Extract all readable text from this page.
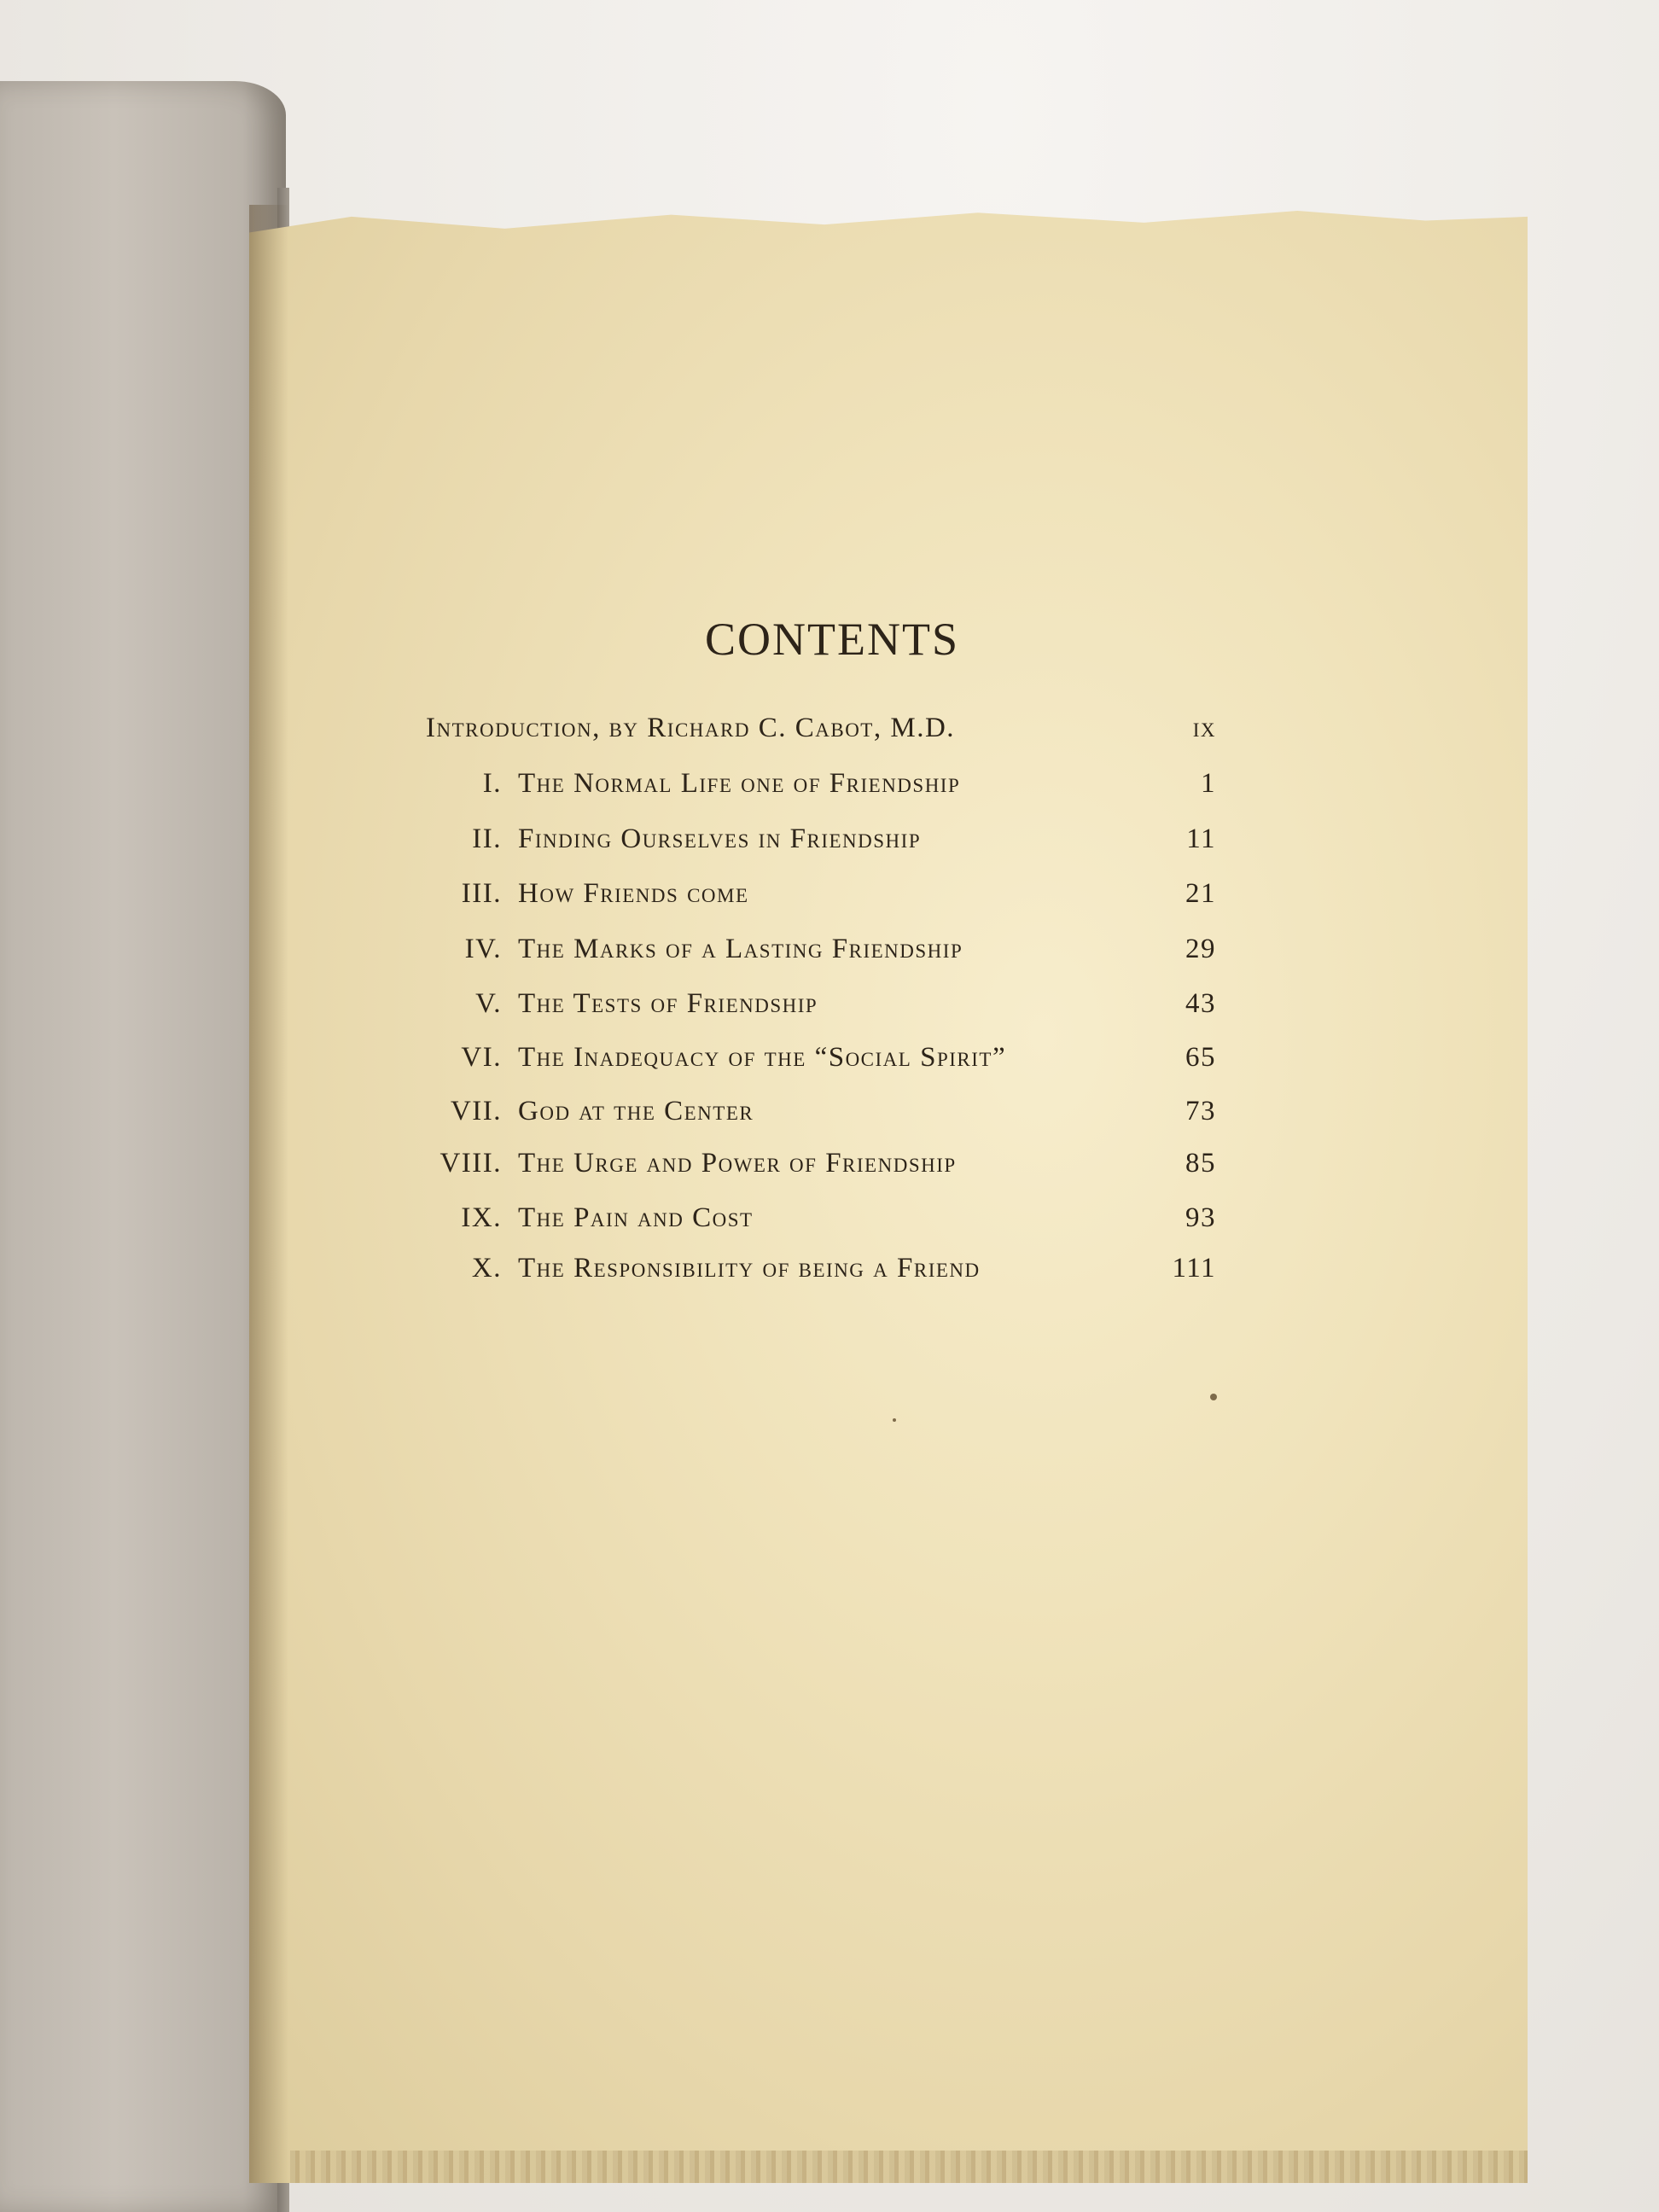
CONTENTS
Introduction, by Richard C. Cabot, M.D.	ix
I. The Normal Life one of Friendship	1
II. Finding Ourselves in Friendship	11
III. How Friends come	21
IV. The Marks of a Lasting Friendship	29
V. The Tests of Friendship	43
VI. The Inadequacy of the “Social Spirit”	65
VII. God at the Center	73
VIII. The Urge and Power of Friendship	85
IX. The Pain and Cost	93
X. The Responsibility of being a Friend	111
